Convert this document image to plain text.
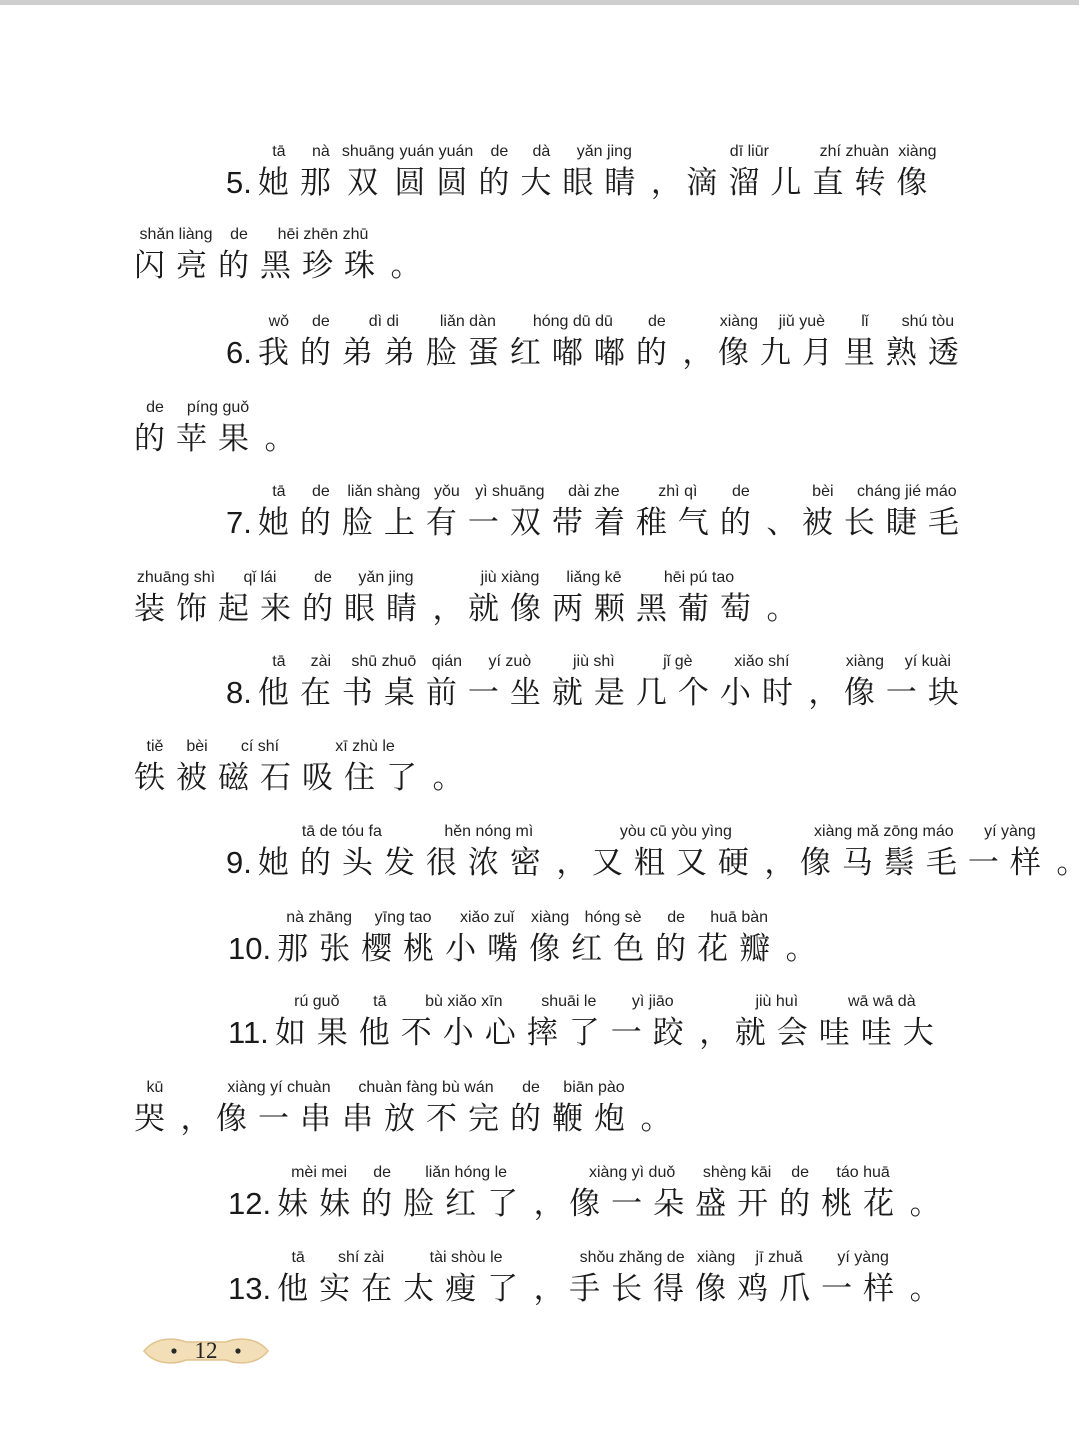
5.
tā
她
nà
那
shuāng
双
yuán yuán
圆圆
de
的
dà
大
yǎn jing
眼睛 ，
dī liūr
滴溜儿
zhí zhuàn
直转
xiàng
像
shǎn liàng
闪亮
de
的
hēi zhēn zhū
黑珍珠 。
6.
wǒ
我
de
的
dì di
弟弟
liǎn dàn
脸蛋
hóng dū dū
红嘟嘟
de
的 ，
xiàng
像
jiǔ yuè
九月
lǐ
里
shú tòu
熟透
de
的
píng guǒ
苹果 。
7.
tā
她
de
的
liǎn shàng
脸上
yǒu
有
yì shuāng
一双
dài zhe
带着
zhì qì
稚气
de
的 、
bèi
被
cháng jié máo
长睫毛
zhuāng shì
装饰
qǐ lái
起来
de
的
yǎn jing
眼睛 ，
jiù xiàng
就像
liǎng kē
两颗
hēi pú tao
黑葡萄 。
8.
tā
他
zài
在
shū zhuō
书桌
qián
前
yí zuò
一坐
jiù shì
就是
jǐ gè
几个
xiǎo shí
小时 ，
xiàng
像
yí kuài
一块
tiě
铁
bèi
被
cí shí
磁石
xī zhù le
吸住了 。
9.
tā de tóu fa
她的头发
hěn nóng mì
很浓密 ，
yòu cū yòu yìng
又粗又硬 ，
xiàng mǎ zōng máo
像马鬃毛
yí yàng
一样 。
10.
nà zhāng
那张
yīng tao
樱桃
xiǎo zuǐ
小嘴
xiàng
像
hóng sè
红色
de
的
huā bàn
花瓣 。
11.
rú guǒ
如果
tā
他
bù xiǎo xīn
不小心
shuāi le
摔了
yì jiāo
一跤 ，
jiù huì
就会
wā wā dà
哇哇大
kū
哭 ，
xiàng yí chuàn
像一串
chuàn fàng bù wán
串放不完
de
的
biān pào
鞭炮 。
12.
mèi mei
妹妹
de
的
liǎn hóng le
脸红了 ，
xiàng yì duǒ
像一朵
shèng kāi
盛开
de
的
táo huā
桃花 。
13.
tā
他
shí zài
实在
tài shòu le
太瘦了 ，
shǒu zhǎng de
手长得
xiàng
像
jī zhuǎ
鸡爪
yí yàng
一样 。
12
